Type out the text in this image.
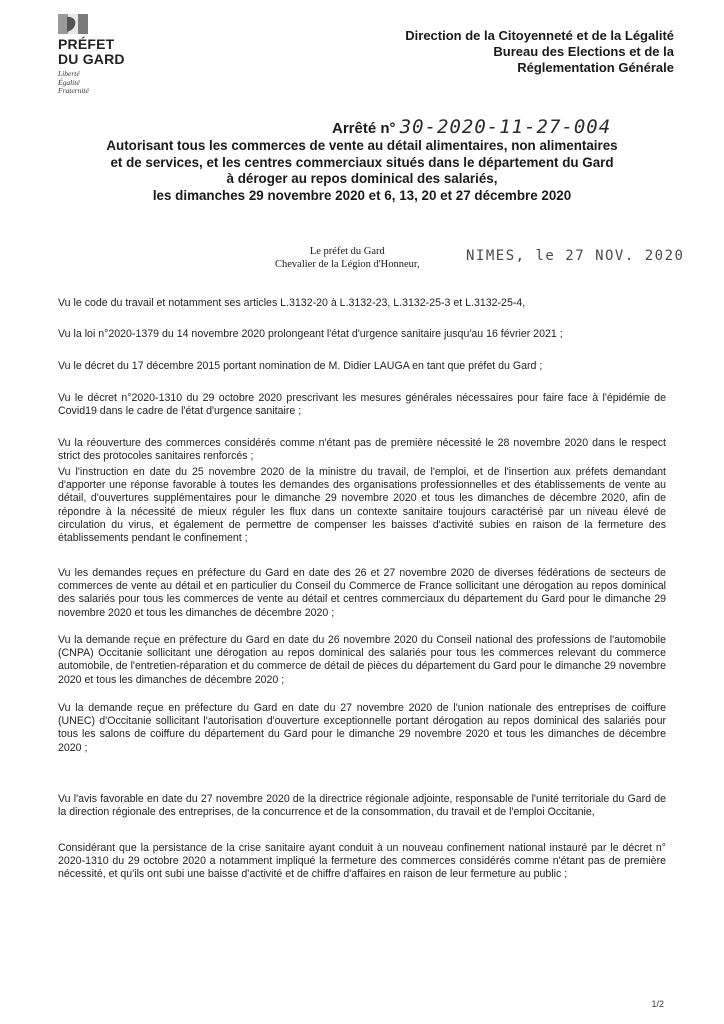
PRÉFET
DU GARD
Liberté
Égalité
Fraternité
Direction de la Citoyenneté et de la Légalité
Bureau des Elections et de la
Réglementation Générale
Arrêté n° 30-2020-11-27-004
Autorisant tous les commerces de vente au détail alimentaires, non alimentaires
et de services, et les centres commerciaux situés dans le département du Gard
à déroger au repos dominical des salariés,
les dimanches 29 novembre 2020 et 6, 13, 20 et 27 décembre 2020
Le préfet du Gard
Chevalier de la Légion d'Honneur,
NIMES, le 27 NOV. 2020

Vu le code du travail et notamment ses articles L.3132-20 à L.3132-23, L.3132-25-3 et L.3132-25-4,

Vu la loi n°2020-1379 du 14 novembre 2020 prolongeant l'état d'urgence sanitaire jusqu'au 16 février 2021 ;

Vu le décret du 17 décembre 2015 portant nomination de M. Didier LAUGA en tant que préfet du Gard ;

Vu le décret n°2020-1310 du 29 octobre 2020 prescrivant les mesures générales nécessaires pour faire face à l'épidémie de Covid19 dans le cadre de l'état d'urgence sanitaire ;

Vu la réouverture des commerces considérés comme n'étant pas de première nécessité le 28 novembre 2020 dans le respect strict des protocoles sanitaires renforcés ;

Vu l'instruction en date du 25 novembre 2020 de la ministre du travail, de l'emploi, et de l'insertion aux préfets demandant d'apporter une réponse favorable à toutes les demandes des organisations professionnelles et des établissements de vente au détail, d'ouvertures supplémentaires pour le dimanche 29 novembre 2020 et tous les dimanches de décembre 2020, afin de répondre à la nécessité de mieux réguler les flux dans un contexte sanitaire toujours caractérisé par un niveau élevé de circulation du virus, et également de permettre de compenser les baisses d'activité subies en raison de la fermeture des établissements pendant le confinement ;

Vu les demandes reçues en préfecture du Gard en date des 26 et 27 novembre 2020 de diverses fédérations de secteurs de commerces de vente au détail et en particulier du Conseil du Commerce de France sollicitant une dérogation au repos dominical des salariés pour tous les commerces de vente au détail et centres commerciaux du département du Gard pour le dimanche 29 novembre 2020 et tous les dimanches de décembre 2020 ;

Vu la demande reçue en préfecture du Gard en date du 26 novembre 2020 du Conseil national des professions de l'automobile (CNPA) Occitanie sollicitant une dérogation au repos dominical des salariés pour tous les commerces relevant du commerce automobile, de l'entretien-réparation et du commerce de détail de pièces du département du Gard pour le dimanche 29 novembre 2020 et tous les dimanches de décembre 2020 ;

Vu la demande reçue en préfecture du Gard en date du 27 novembre 2020 de l'union nationale des entreprises de coiffure (UNEC) d'Occitanie sollicitant l'autorisation d'ouverture exceptionnelle portant dérogation au repos dominical des salariés pour tous les salons de coiffure du département du Gard pour le dimanche 29 novembre 2020 et tous les dimanches de décembre 2020 ;

Vu l'avis favorable en date du 27 novembre 2020 de la directrice régionale adjointe, responsable de l'unité territoriale du Gard de la direction régionale des entreprises, de la concurrence et de la consommation, du travail et de l'emploi Occitanie,

Considérant que la persistance de la crise sanitaire ayant conduit à un nouveau confinement national instauré par le décret n° 2020-1310 du 29 octobre 2020 a notamment impliqué la fermeture des commerces considérés comme n'étant pas de première nécessité, et qu'ils ont subi une baisse d'activité et de chiffre d'affaires en raison de leur fermeture au public ;

1/2
